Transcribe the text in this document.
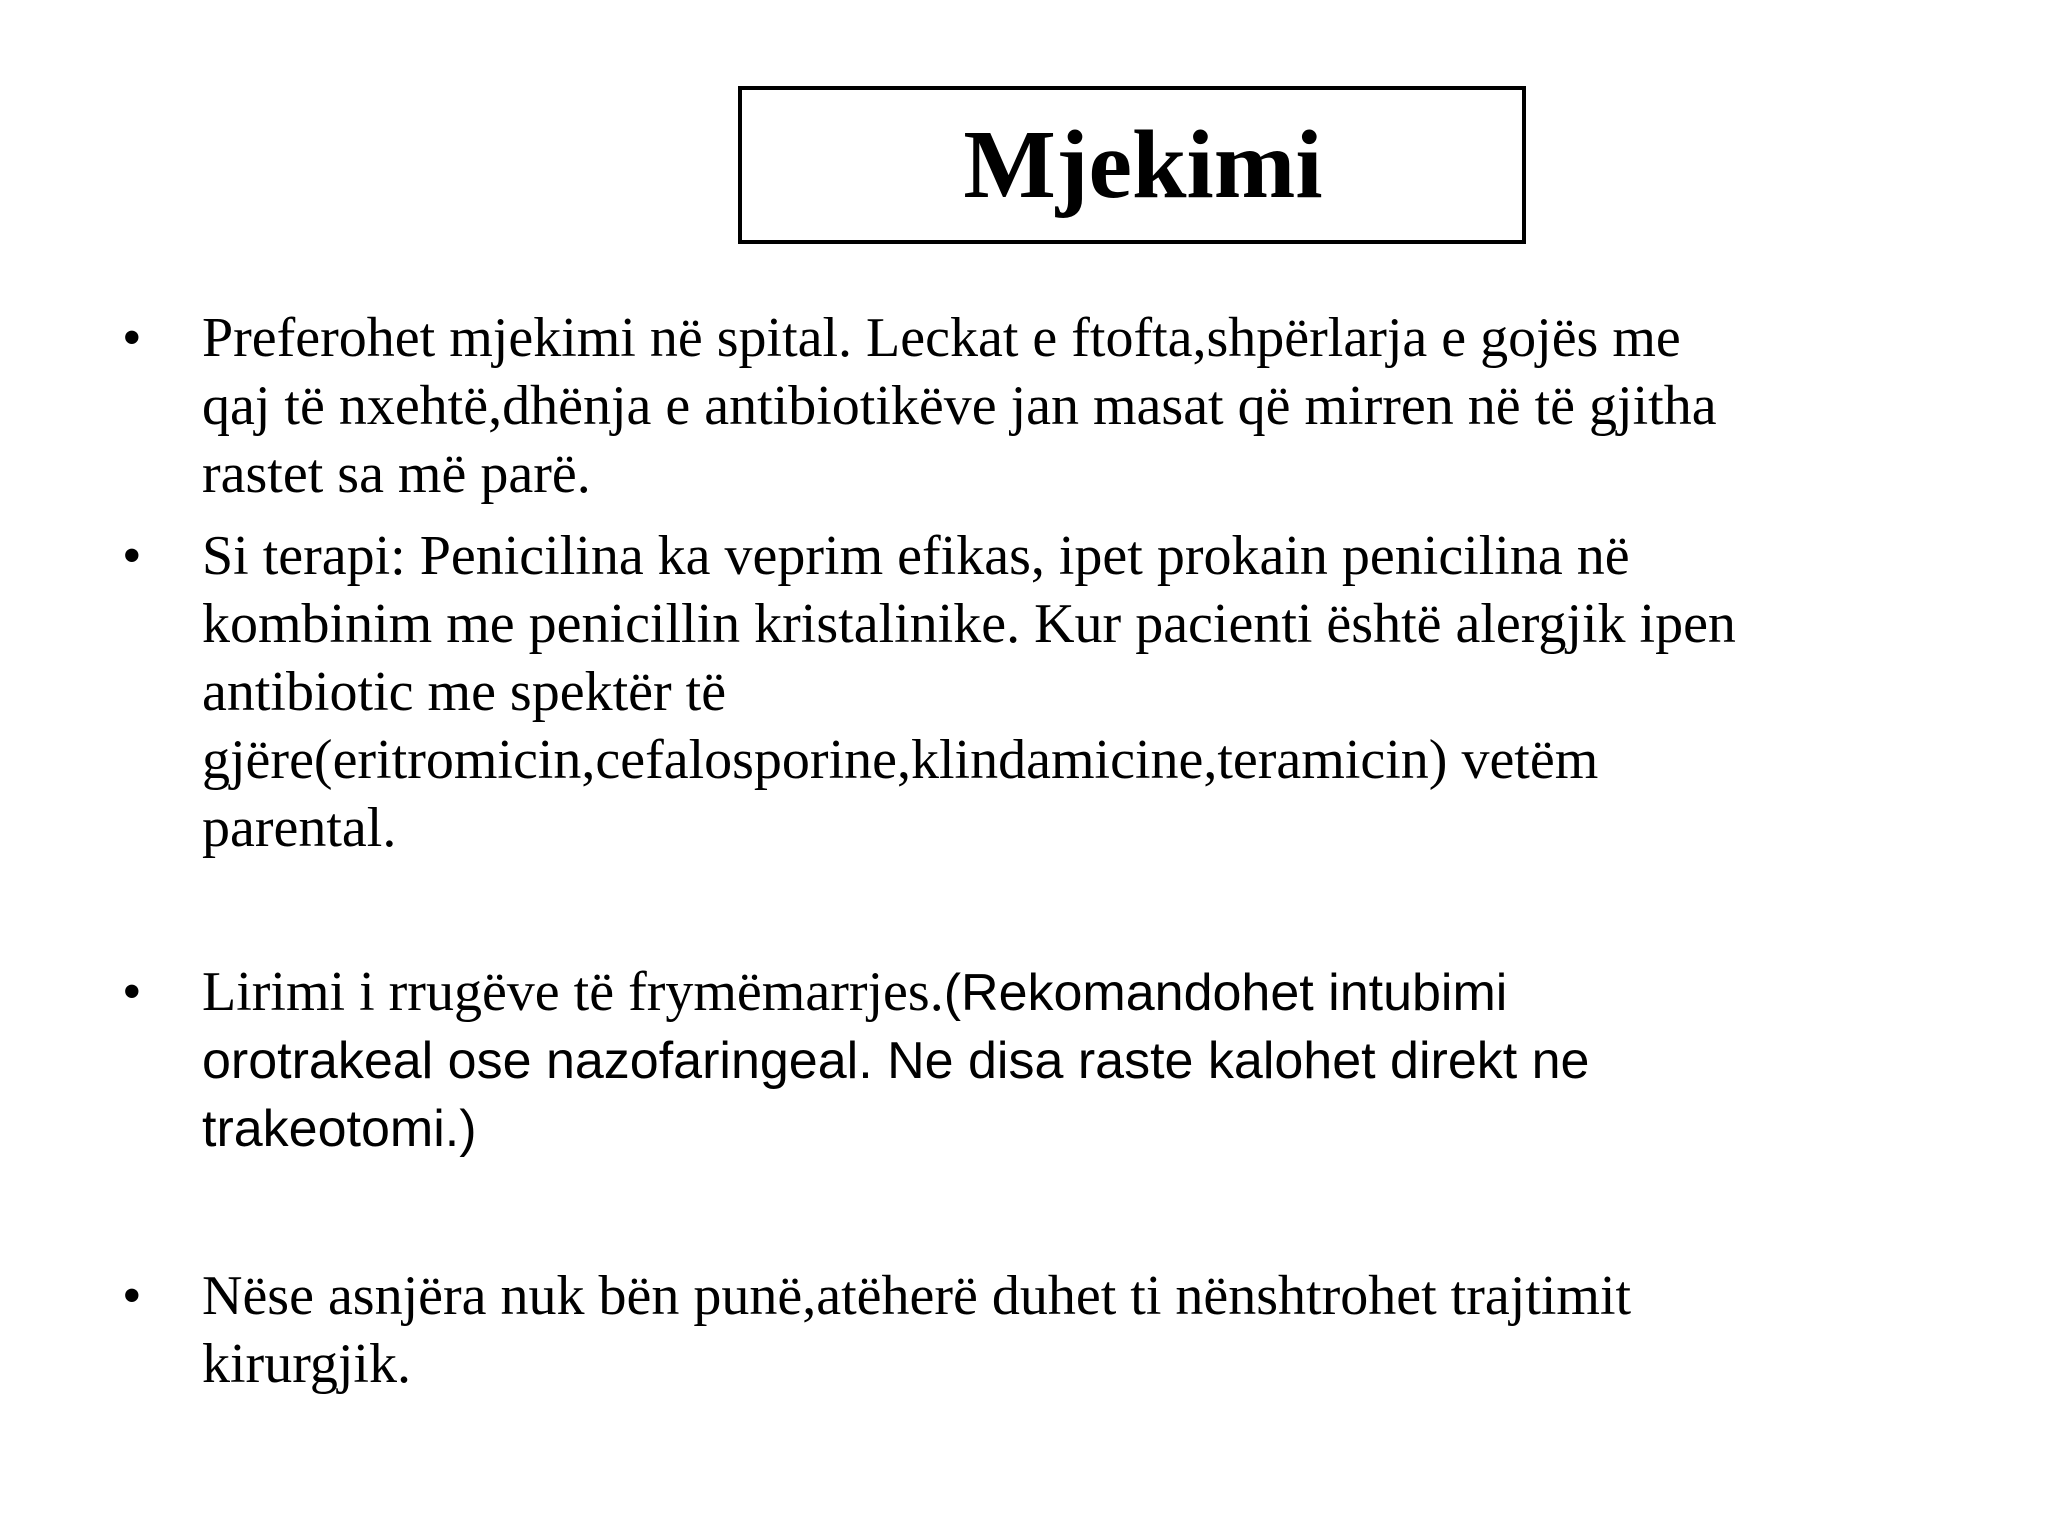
Mjekimi
• Preferohet mjekimi në spital. Leckat e ftofta,shpërlarja e gojës me
qaj të nxehtë,dhënja e antibiotikëve jan masat që mirren në të gjitha
rastet sa më parë.

• Si terapi: Penicilina ka veprim efikas, ipet prokain penicilina në
kombinim me penicillin kristalinike. Kur pacienti është alergjik ipen
antibiotic me spektër të
gjëre(eritromicin,cefalosporine,klindamicine,teramicin) vetëm
parental.

• Lirimi i rrugëve të frymëmarrjes.(Rekomandohet intubimi
orotrakeal ose nazofaringeal. Ne disa raste kalohet direkt ne
trakeotomi.)

• Nëse asnjëra nuk bën punë,atëherë duhet ti nënshtrohet trajtimit
kirurgjik.
